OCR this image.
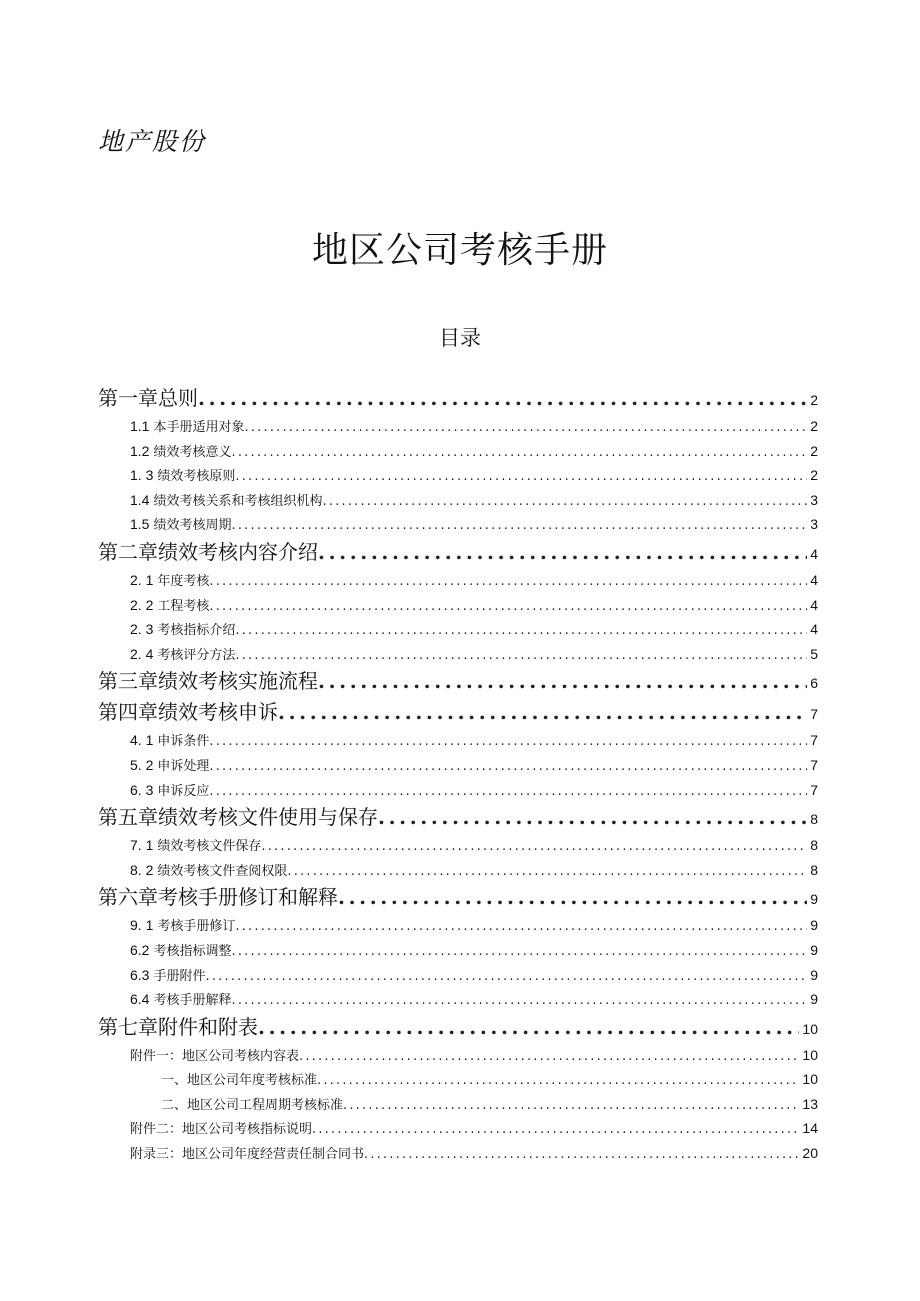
地产股份
地区公司考核手册
目录
第一章总则 .....	2
1.1 本手册适用对象 .....	2
1.2 绩效考核意义 .....	2
1. 3 绩效考核原则 .....	2
1.4 绩效考核关系和考核组织机构 .....	3
1.5 绩效考核周期 .....	3
第二章绩效考核内容介绍 .....	4
2. 1 年度考核 .....	4
2. 2 工程考核 .....	4
2. 3 考核指标介绍 .....	4
2. 4 考核评分方法 .....	5
第三章绩效考核实施流程 .....	6
第四章绩效考核申诉 .....	7
4. 1 申诉条件 .....	7
5. 2 申诉处理 .....	7
6. 3 申诉反应 .....	7
第五章绩效考核文件使用与保存 .....	8
7. 1 绩效考核文件保存 .....	8
8. 2 绩效考核文件查阅权限 .....	8
第六章考核手册修订和解释 .....	9
9. 1 考核手册修订 .....	9
6.2 考核指标调整 .....	9
6.3 手册附件 .....	9
6.4 考核手册解释 .....	9
第七章附件和附表 .....	10
附件一：地区公司考核内容表 .....	10
一、地区公司年度考核标准 .....	10
二、地区公司工程周期考核标准 .....	13
附件二：地区公司考核指标说明 .....	14
附录三：地区公司年度经营责任制合同书 .....	20
